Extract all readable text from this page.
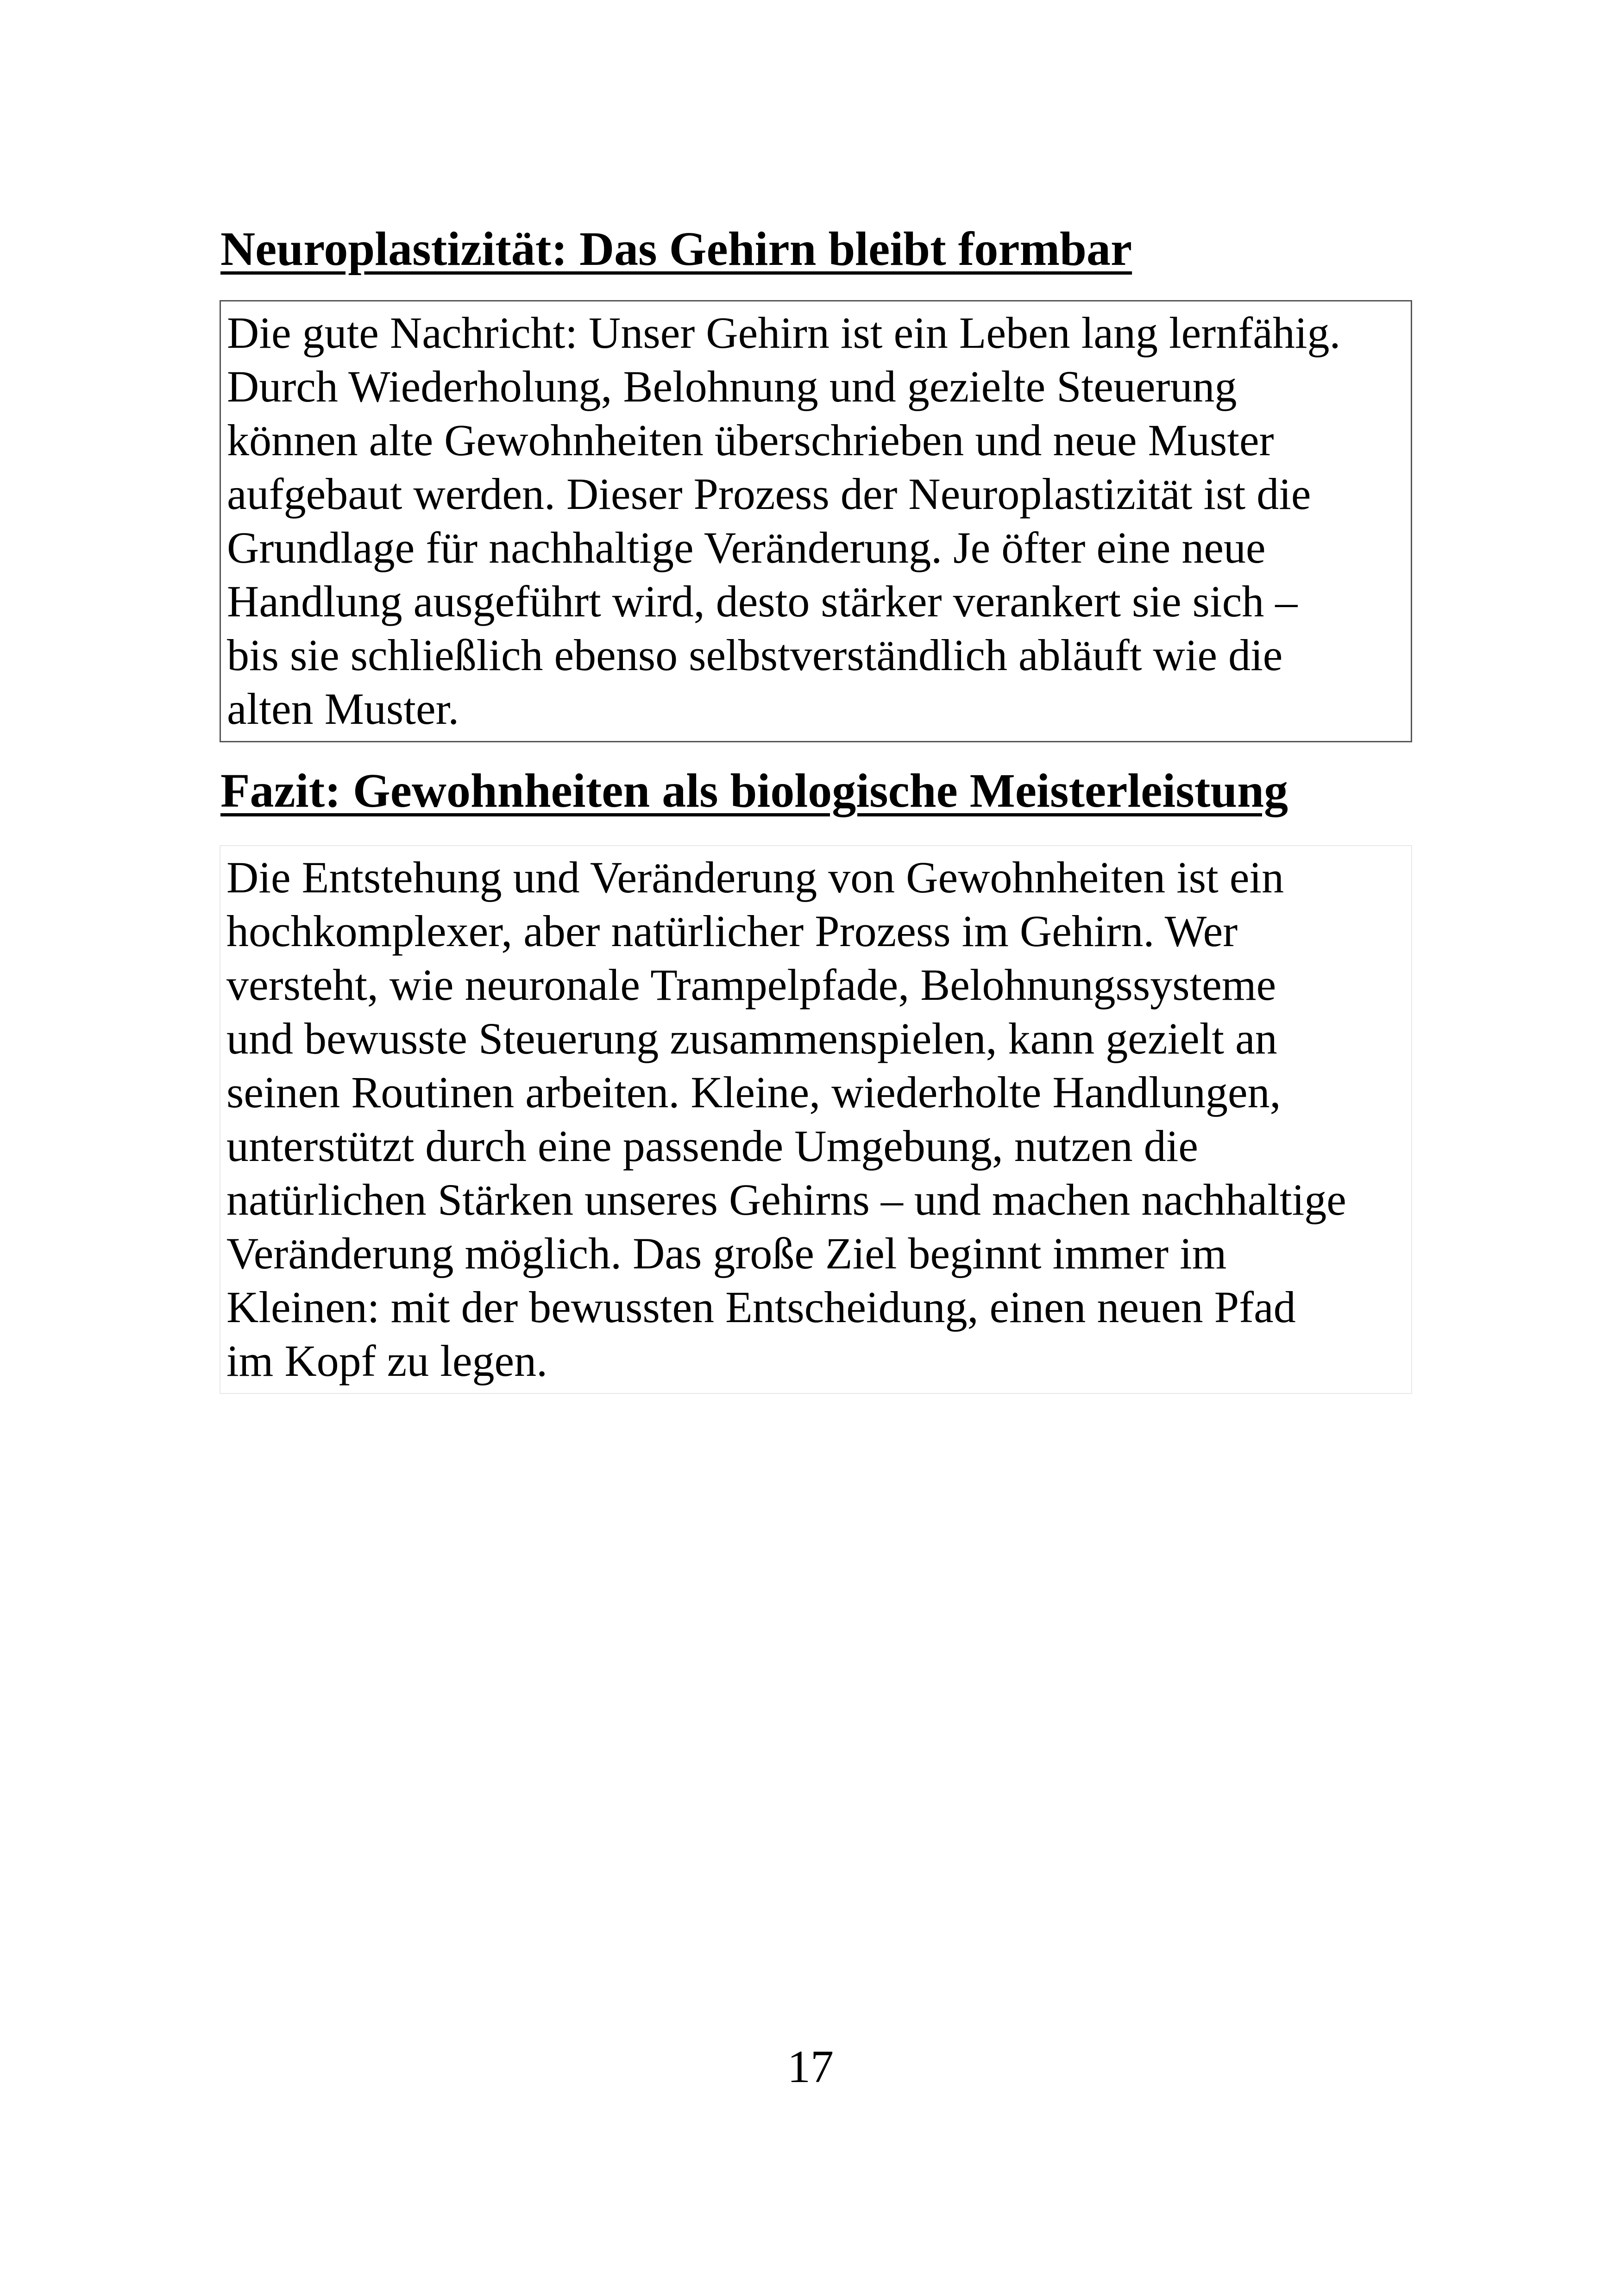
Neuroplastizität: Das Gehirn bleibt formbar
Die gute Nachricht: Unser Gehirn ist ein Leben lang lernfähig.
Durch Wiederholung, Belohnung und gezielte Steuerung
können alte Gewohnheiten überschrieben und neue Muster
aufgebaut werden. Dieser Prozess der Neuroplastizität ist die
Grundlage für nachhaltige Veränderung. Je öfter eine neue
Handlung ausgeführt wird, desto stärker verankert sie sich –
bis sie schließlich ebenso selbstverständlich abläuft wie die
alten Muster.
Fazit: Gewohnheiten als biologische Meisterleistung
Die Entstehung und Veränderung von Gewohnheiten ist ein
hochkomplexer, aber natürlicher Prozess im Gehirn. Wer
versteht, wie neuronale Trampelpfade, Belohnungssysteme
und bewusste Steuerung zusammenspielen, kann gezielt an
seinen Routinen arbeiten. Kleine, wiederholte Handlungen,
unterstützt durch eine passende Umgebung, nutzen die
natürlichen Stärken unseres Gehirns – und machen nachhaltige
Veränderung möglich. Das große Ziel beginnt immer im
Kleinen: mit der bewussten Entscheidung, einen neuen Pfad
im Kopf zu legen.
17
